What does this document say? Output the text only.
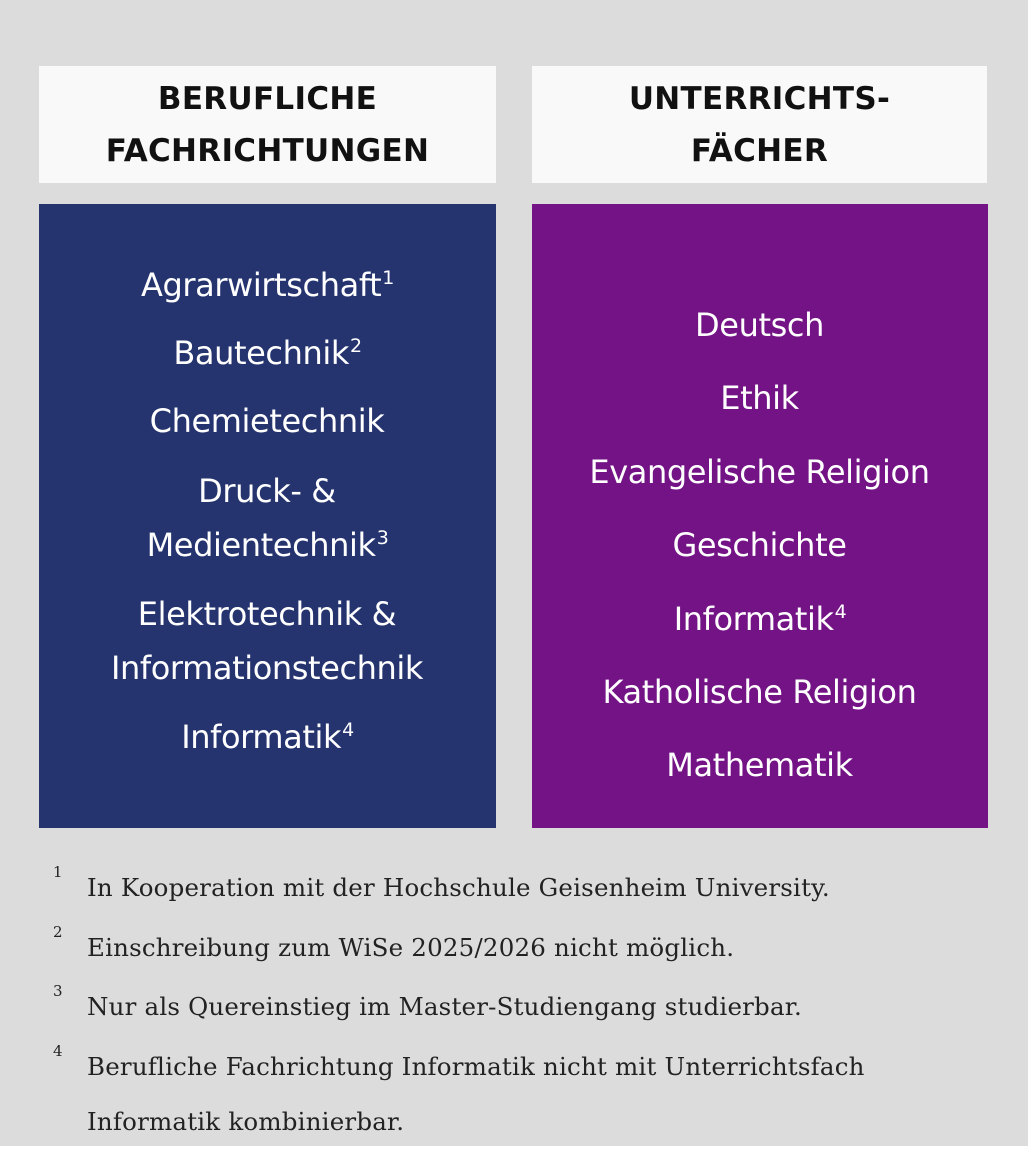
BERUFLICHE
FACHRICHTUNGEN
UNTERRICHTS-
FÄCHER
Agrarwirtschaft$^1$
Bautechnik$^2$
Chemietechnik
Druck- &
Medientechnik$^3$
Elektrotechnik &
Informationstechnik
Informatik$^4$
Deutsch
Ethik
Evangelische Religion
Geschichte
Informatik$^4$
Katholische Religion
Mathematik
1
In Kooperation mit der Hochschule Geisenheim University.
2
Einschreibung zum WiSe 2025/2026 nicht möglich.
3
Nur als Quereinstieg im Master-Studiengang studierbar.
4
Berufliche Fachrichtung Informatik nicht mit Unterrichtsfach
Informatik kombinierbar.
